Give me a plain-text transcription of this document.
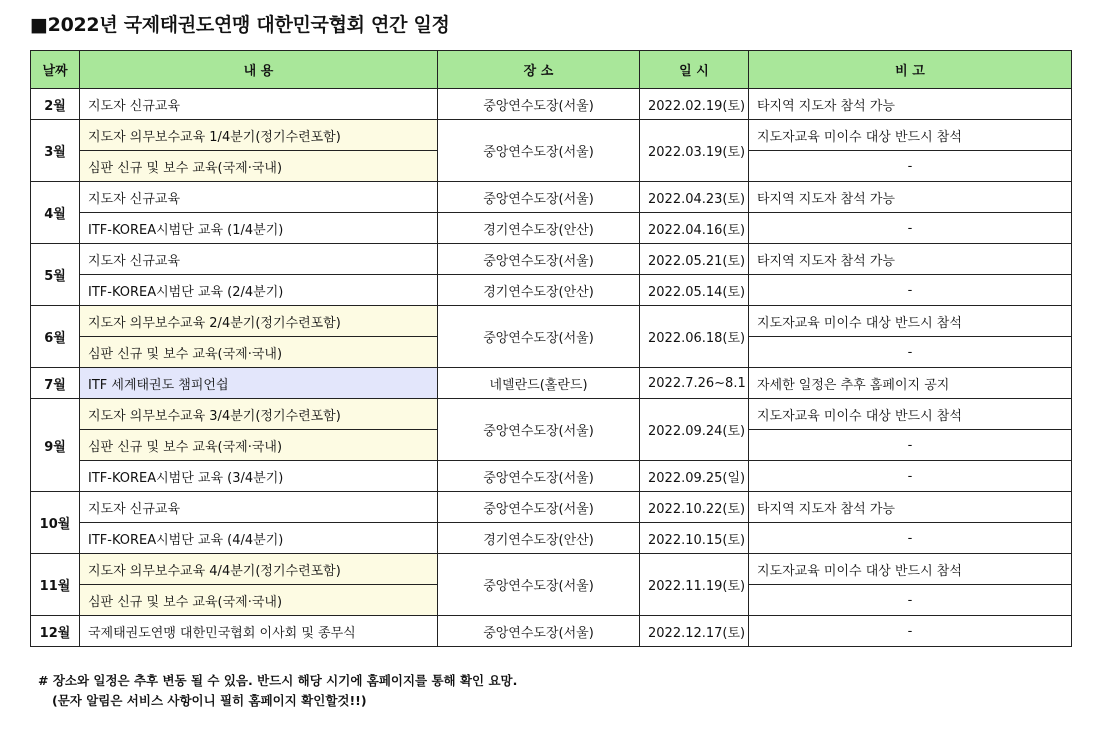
■2022년 국제태권도연맹 대한민국협회 연간 일정
날짜	내 용	장 소	일 시	비 고
2월	지도자 신규교육	중앙연수도장(서울)	2022.02.19(토)	타지역 지도자 참석 가능
3월	지도자 의무보수교육 1/4분기(정기수련포함)	중앙연수도장(서울)	2022.03.19(토)	지도자교육 미이수 대상 반드시 참석
	심판 신규 및 보수 교육(국제·국내)			-
4월	지도자 신규교육	중앙연수도장(서울)	2022.04.23(토)	타지역 지도자 참석 가능
	ITF-KOREA시범단 교육 (1/4분기)	경기연수도장(안산)	2022.04.16(토)	-
5월	지도자 신규교육	중앙연수도장(서울)	2022.05.21(토)	타지역 지도자 참석 가능
	ITF-KOREA시범단 교육 (2/4분기)	경기연수도장(안산)	2022.05.14(토)	-
6월	지도자 의무보수교육 2/4분기(정기수련포함)	중앙연수도장(서울)	2022.06.18(토)	지도자교육 미이수 대상 반드시 참석
	심판 신규 및 보수 교육(국제·국내)			-
7월	ITF 세계태권도 챔피언쉽	네델란드(홀란드)	2022.7.26~8.1	자세한 일정은 추후 홈페이지 공지
9월	지도자 의무보수교육 3/4분기(정기수련포함)	중앙연수도장(서울)	2022.09.24(토)	지도자교육 미이수 대상 반드시 참석
	심판 신규 및 보수 교육(국제·국내)			-
	ITF-KOREA시범단 교육 (3/4분기)	중앙연수도장(서울)	2022.09.25(일)	-
10월	지도자 신규교육	중앙연수도장(서울)	2022.10.22(토)	타지역 지도자 참석 가능
	ITF-KOREA시범단 교육 (4/4분기)	경기연수도장(안산)	2022.10.15(토)	-
11월	지도자 의무보수교육 4/4분기(정기수련포함)	중앙연수도장(서울)	2022.11.19(토)	지도자교육 미이수 대상 반드시 참석
	심판 신규 및 보수 교육(국제·국내)			-
12월	국제태권도연맹 대한민국협회 이사회 및 종무식	중앙연수도장(서울)	2022.12.17(토)	-
# 장소와 일정은 추후 변동 될 수 있음. 반드시 해당 시기에 홈페이지를 통해 확인 요망.
(문자 알림은 서비스 사항이니 필히 홈페이지 확인할것!!)
